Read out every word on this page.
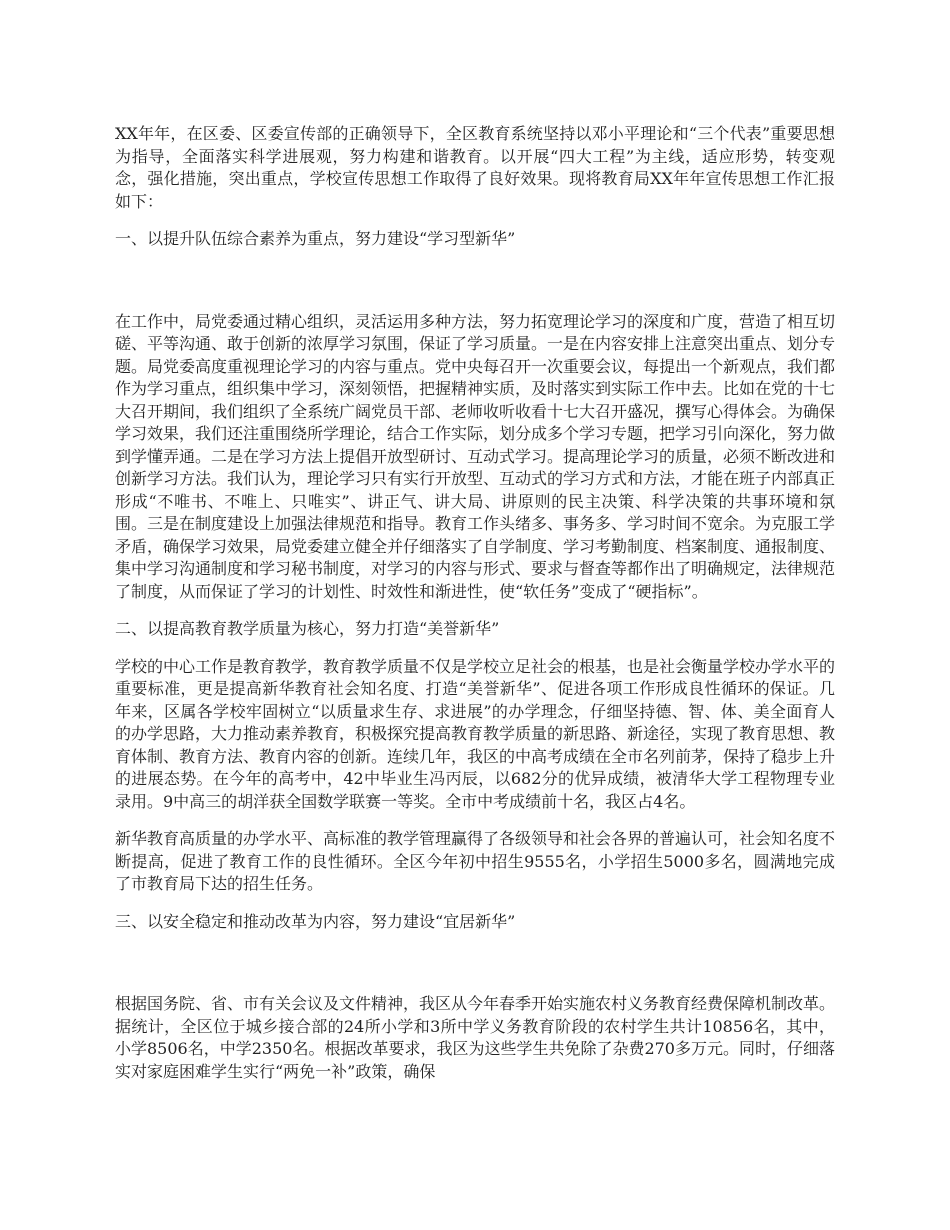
XX年年，在区委、区委宣传部的正确领导下，全区教育系统坚持以邓小平理论和“三个代表”重要思想为指导，全面落实科学进展观，努力构建和谐教育。以开展“四大工程”为主线，适应形势，转变观念，强化措施，突出重点，学校宣传思想工作取得了良好效果。现将教育局XX年年宣传思想工作汇报如下：

一、以提升队伍综合素养为重点，努力建设“学习型新华”

在工作中，局党委通过精心组织，灵活运用多种方法，努力拓宽理论学习的深度和广度，营造了相互切磋、平等沟通、敢于创新的浓厚学习氛围，保证了学习质量。一是在内容安排上注意突出重点、划分专题。局党委高度重视理论学习的内容与重点。党中央每召开一次重要会议，每提出一个新观点，我们都作为学习重点，组织集中学习，深刻领悟，把握精神实质，及时落实到实际工作中去。比如在党的十七大召开期间，我们组织了全系统广阔党员干部、老师收听收看十七大召开盛况，撰写心得体会。为确保学习效果，我们还注重围绕所学理论，结合工作实际，划分成多个学习专题，把学习引向深化，努力做到学懂弄通。二是在学习方法上提倡开放型研讨、互动式学习。提高理论学习的质量，必须不断改进和创新学习方法。我们认为，理论学习只有实行开放型、互动式的学习方式和方法，才能在班子内部真正形成“不唯书、不唯上、只唯实”、讲正气、讲大局、讲原则的民主决策、科学决策的共事环境和氛围。三是在制度建设上加强法律规范和指导。教育工作头绪多、事务多、学习时间不宽余。为克服工学矛盾，确保学习效果，局党委建立健全并仔细落实了自学制度、学习考勤制度、档案制度、通报制度、集中学习沟通制度和学习秘书制度，对学习的内容与形式、要求与督查等都作出了明确规定，法律规范了制度，从而保证了学习的计划性、时效性和渐进性，使“软任务”变成了“硬指标”。

二、以提高教育教学质量为核心，努力打造“美誉新华”

学校的中心工作是教育教学，教育教学质量不仅是学校立足社会的根基，也是社会衡量学校办学水平的重要标准，更是提高新华教育社会知名度、打造“美誉新华”、促进各项工作形成良性循环的保证。几年来，区属各学校牢固树立“以质量求生存、求进展”的办学理念，仔细坚持德、智、体、美全面育人的办学思路，大力推动素养教育，积极探究提高教育教学质量的新思路、新途径，实现了教育思想、教育体制、教育方法、教育内容的创新。连续几年，我区的中高考成绩在全市名列前茅，保持了稳步上升的进展态势。在今年的高考中，42中毕业生冯丙辰，以682分的优异成绩，被清华大学工程物理专业录用。9中高三的胡洋获全国数学联赛一等奖。全市中考成绩前十名，我区占4名。

新华教育高质量的办学水平、高标准的教学管理赢得了各级领导和社会各界的普遍认可，社会知名度不断提高，促进了教育工作的良性循环。全区今年初中招生9555名，小学招生5000多名，圆满地完成了市教育局下达的招生任务。

三、以安全稳定和推动改革为内容，努力建设“宜居新华”

根据国务院、省、市有关会议及文件精神，我区从今年春季开始实施农村义务教育经费保障机制改革。据统计，全区位于城乡接合部的24所小学和3所中学义务教育阶段的农村学生共计10856名，其中，小学8506名，中学2350名。根据改革要求，我区为这些学生共免除了杂费270多万元。同时，仔细落实对家庭困难学生实行“两免一补”政策，确保
